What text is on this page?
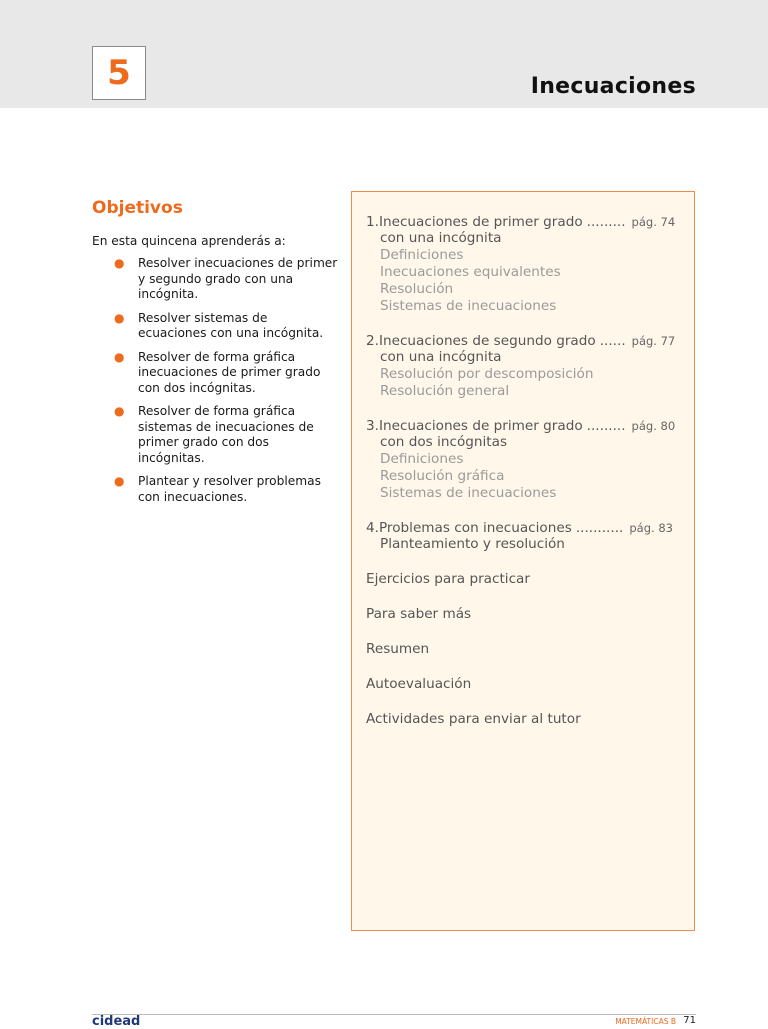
5	Inecuaciones
Objetivos

En esta quincena aprenderás a:

● Resolver inecuaciones de primer y segundo grado con una incógnita.
● Resolver sistemas de ecuaciones con una incógnita.
● Resolver de forma gráfica inecuaciones de primer grado con dos incógnitas.
● Resolver de forma gráfica sistemas de inecuaciones de primer grado con dos incógnitas.
● Plantear y resolver problemas con inecuaciones.
1.Inecuaciones de primer grado ......... pág. 74
con una incógnita
Definiciones
Inecuaciones equivalentes
Resolución
Sistemas de inecuaciones
2.Inecuaciones de segundo grado ...... pág. 77
con una incógnita
Resolución por descomposición
Resolución general
3.Inecuaciones de primer grado ......... pág. 80
con dos incógnitas
Definiciones
Resolución gráfica
Sistemas de inecuaciones
4.Problemas con inecuaciones ........... pág. 83
Planteamiento y resolución
Ejercicios para practicar
Para saber más
Resumen
Autoevaluación
Actividades para enviar al tutor
cidead	MATEMÁTICAS B 71
